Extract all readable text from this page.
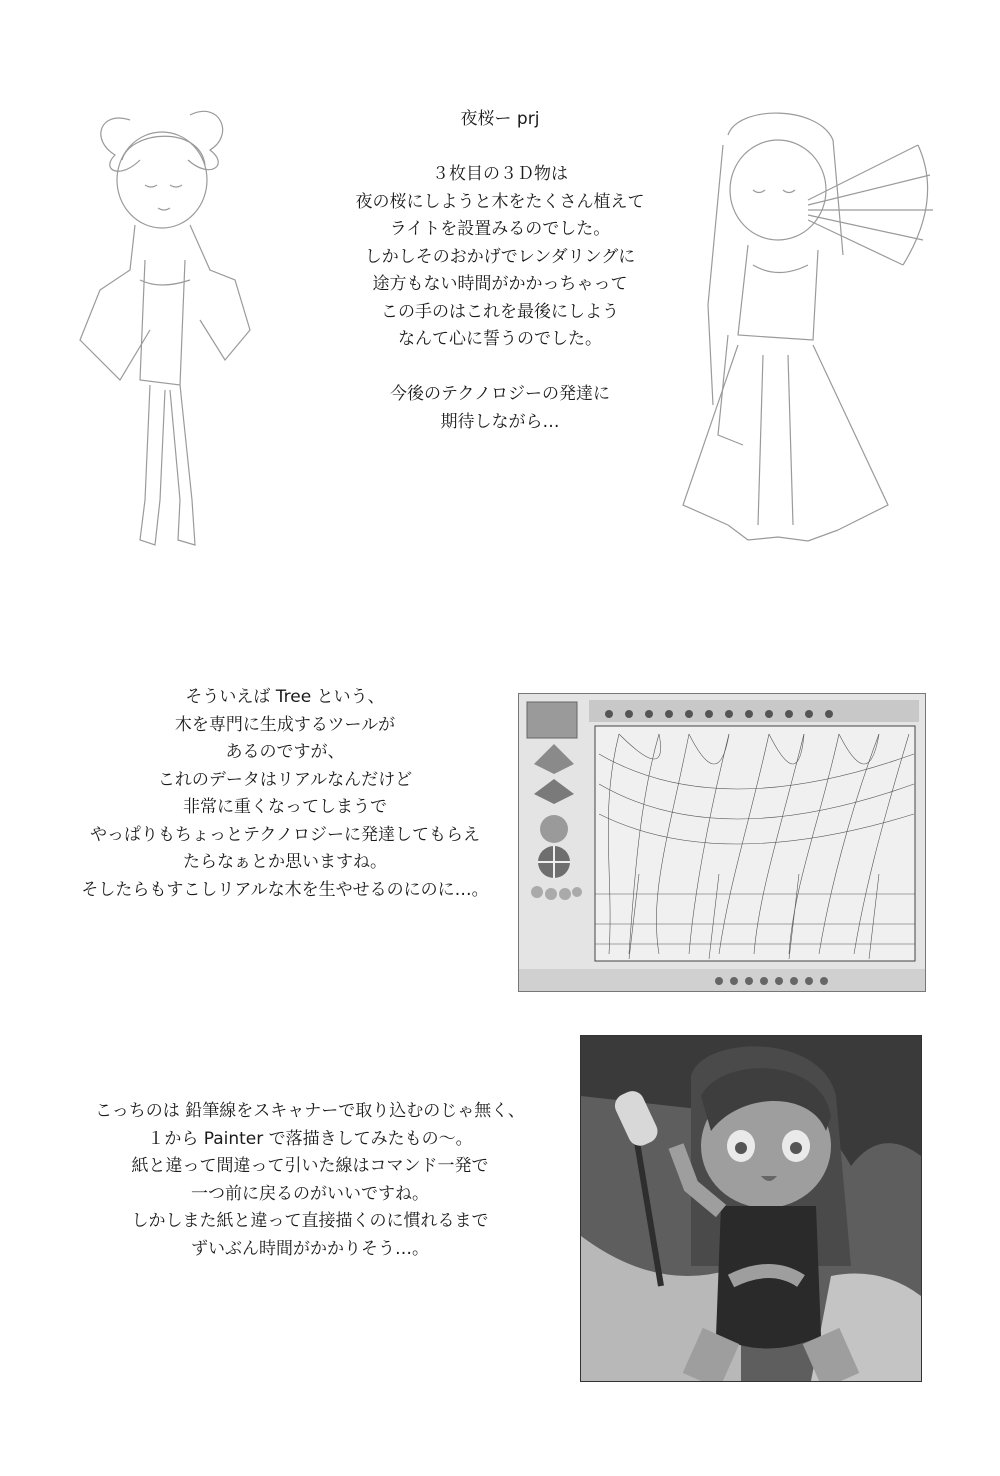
夜桜ー prj
３枚目の３Ｄ物は
夜の桜にしようと木をたくさん植えて
ライトを設置みるのでした。
しかしそのおかげでレンダリングに
途方もない時間がかかっちゃって
この手のはこれを最後にしよう
なんて心に誓うのでした。
今後のテクノロジーの発達に
期待しながら…
そういえば Tree という、
木を専門に生成するツールが
あるのですが、
これのデータはリアルなんだけど
非常に重くなってしまうで
やっぱりもちょっとテクノロジーに発達してもらえ
たらなぁとか思いますね。
そしたらもすこしリアルな木を生やせるのにのに…。
こっちのは 鉛筆線をスキャナーで取り込むのじゃ無く、
１から Painter で落描きしてみたもの〜。
紙と違って間違って引いた線はコマンド一発で
一つ前に戻るのがいいですね。
しかしまた紙と違って直接描くのに慣れるまで
ずいぶん時間がかかりそう…。
